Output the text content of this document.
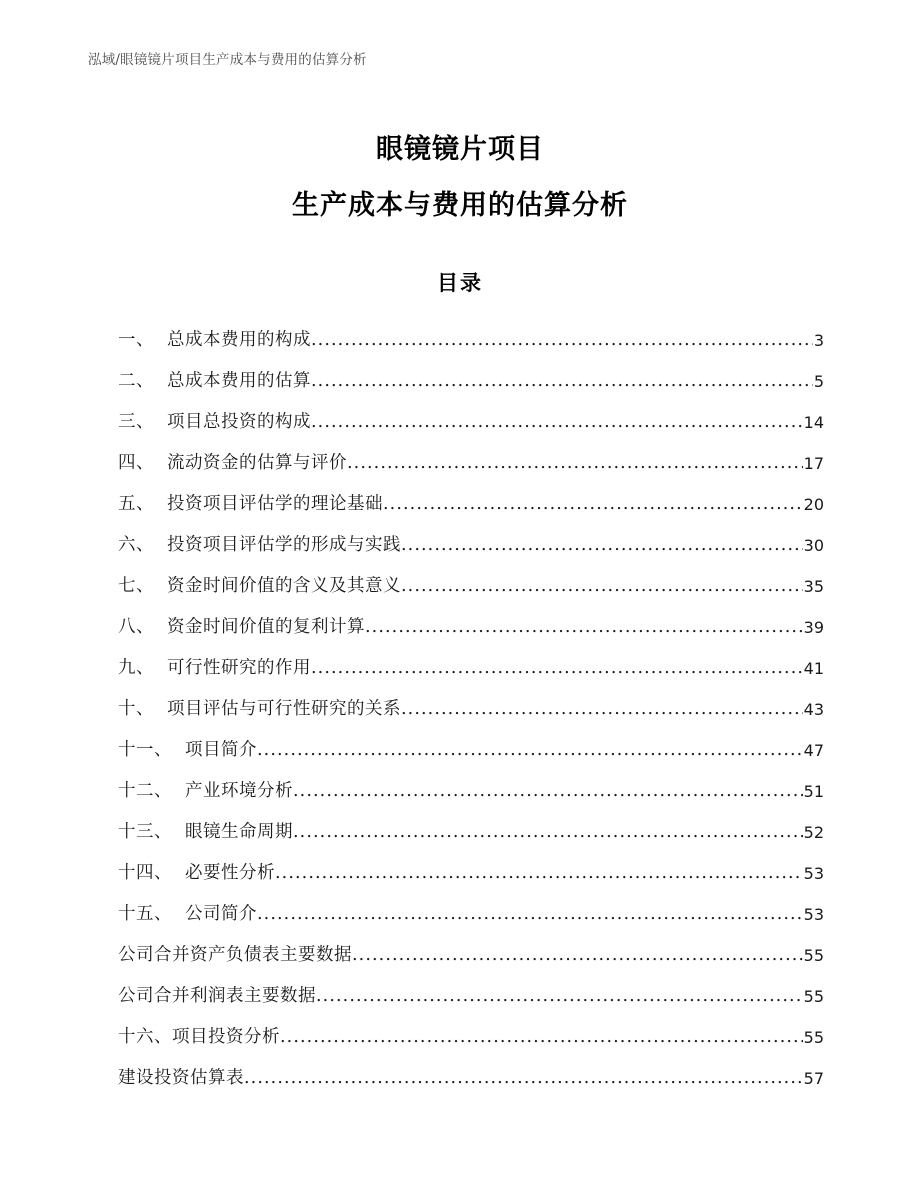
泓域/眼镜镜片项目生产成本与费用的估算分析
眼镜镜片项目
生产成本与费用的估算分析
目录
一、 总成本费用的构成 .....	3
二、 总成本费用的估算 .....	5
三、 项目总投资的构成 .....	14
四、 流动资金的估算与评价 .....	17
五、 投资项目评估学的理论基础 .....	20
六、 投资项目评估学的形成与实践 .....	30
七、 资金时间价值的含义及其意义 .....	35
八、 资金时间价值的复利计算 .....	39
九、 可行性研究的作用 .....	41
十、 项目评估与可行性研究的关系 .....	43
十一、 项目简介 .....	47
十二、 产业环境分析 .....	51
十三、 眼镜生命周期 .....	52
十四、 必要性分析 .....	53
十五、 公司简介 .....	53
公司合并资产负债表主要数据 .....	55
公司合并利润表主要数据 .....	55
十六、 项目投资分析 .....	55
建设投资估算表 .....	57
